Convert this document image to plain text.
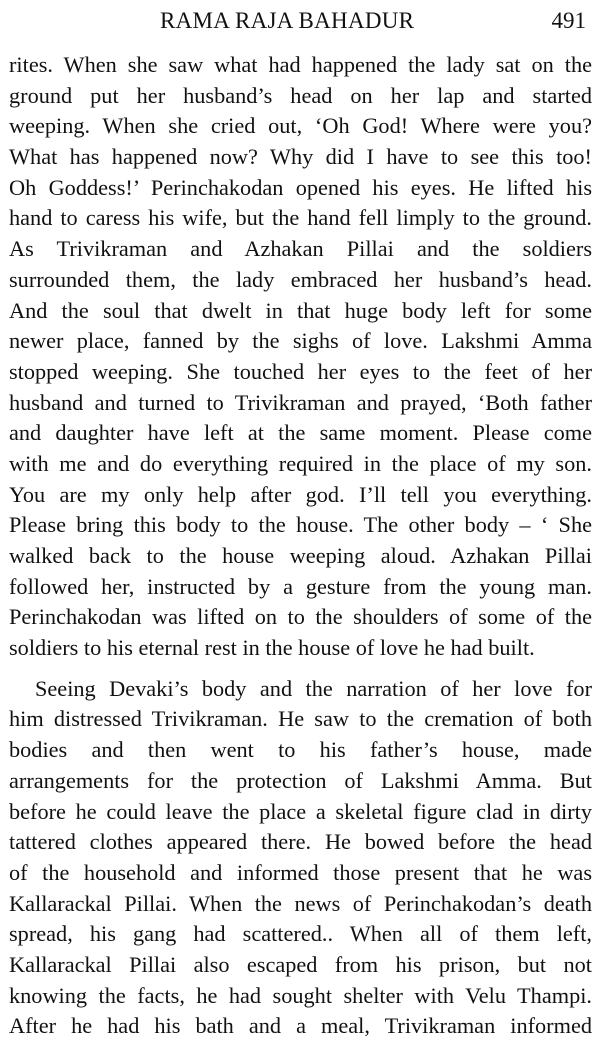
RAMA RAJA BAHADUR	491
rites. When she saw what had happened the lady sat on the
ground put her husband’s head on her lap and started
weeping. When she cried out, ‘Oh God! Where were you?
What has happened now? Why did I have to see this too!
Oh Goddess!’ Perinchakodan opened his eyes. He lifted his
hand to caress his wife, but the hand fell limply to the ground.
As Trivikraman and Azhakan Pillai and the soldiers
surrounded them, the lady embraced her husband’s head.
And the soul that dwelt in that huge body left for some
newer place, fanned by the sighs of love. Lakshmi Amma
stopped weeping. She touched her eyes to the feet of her
husband and turned to Trivikraman and prayed, ‘Both father
and daughter have left at the same moment. Please come
with me and do everything required in the place of my son.
You are my only help after god. I’ll tell you everything.
Please bring this body to the house. The other body – ‘ She
walked back to the house weeping aloud. Azhakan Pillai
followed her, instructed by a gesture from the young man.
Perinchakodan was lifted on to the shoulders of some of the
soldiers to his eternal rest in the house of love he had built.
Seeing Devaki’s body and the narration of her love for
him distressed Trivikraman. He saw to the cremation of both
bodies and then went to his father’s house, made
arrangements for the protection of Lakshmi Amma. But
before he could leave the place a skeletal figure clad in dirty
tattered clothes appeared there. He bowed before the head
of the household and informed those present that he was
Kallarackal Pillai. When the news of Perinchakodan’s death
spread, his gang had scattered.. When all of them left,
Kallarackal Pillai also escaped from his prison, but not
knowing the facts, he had sought shelter with Velu Thampi.
After he had his bath and a meal, Trivikraman informed
